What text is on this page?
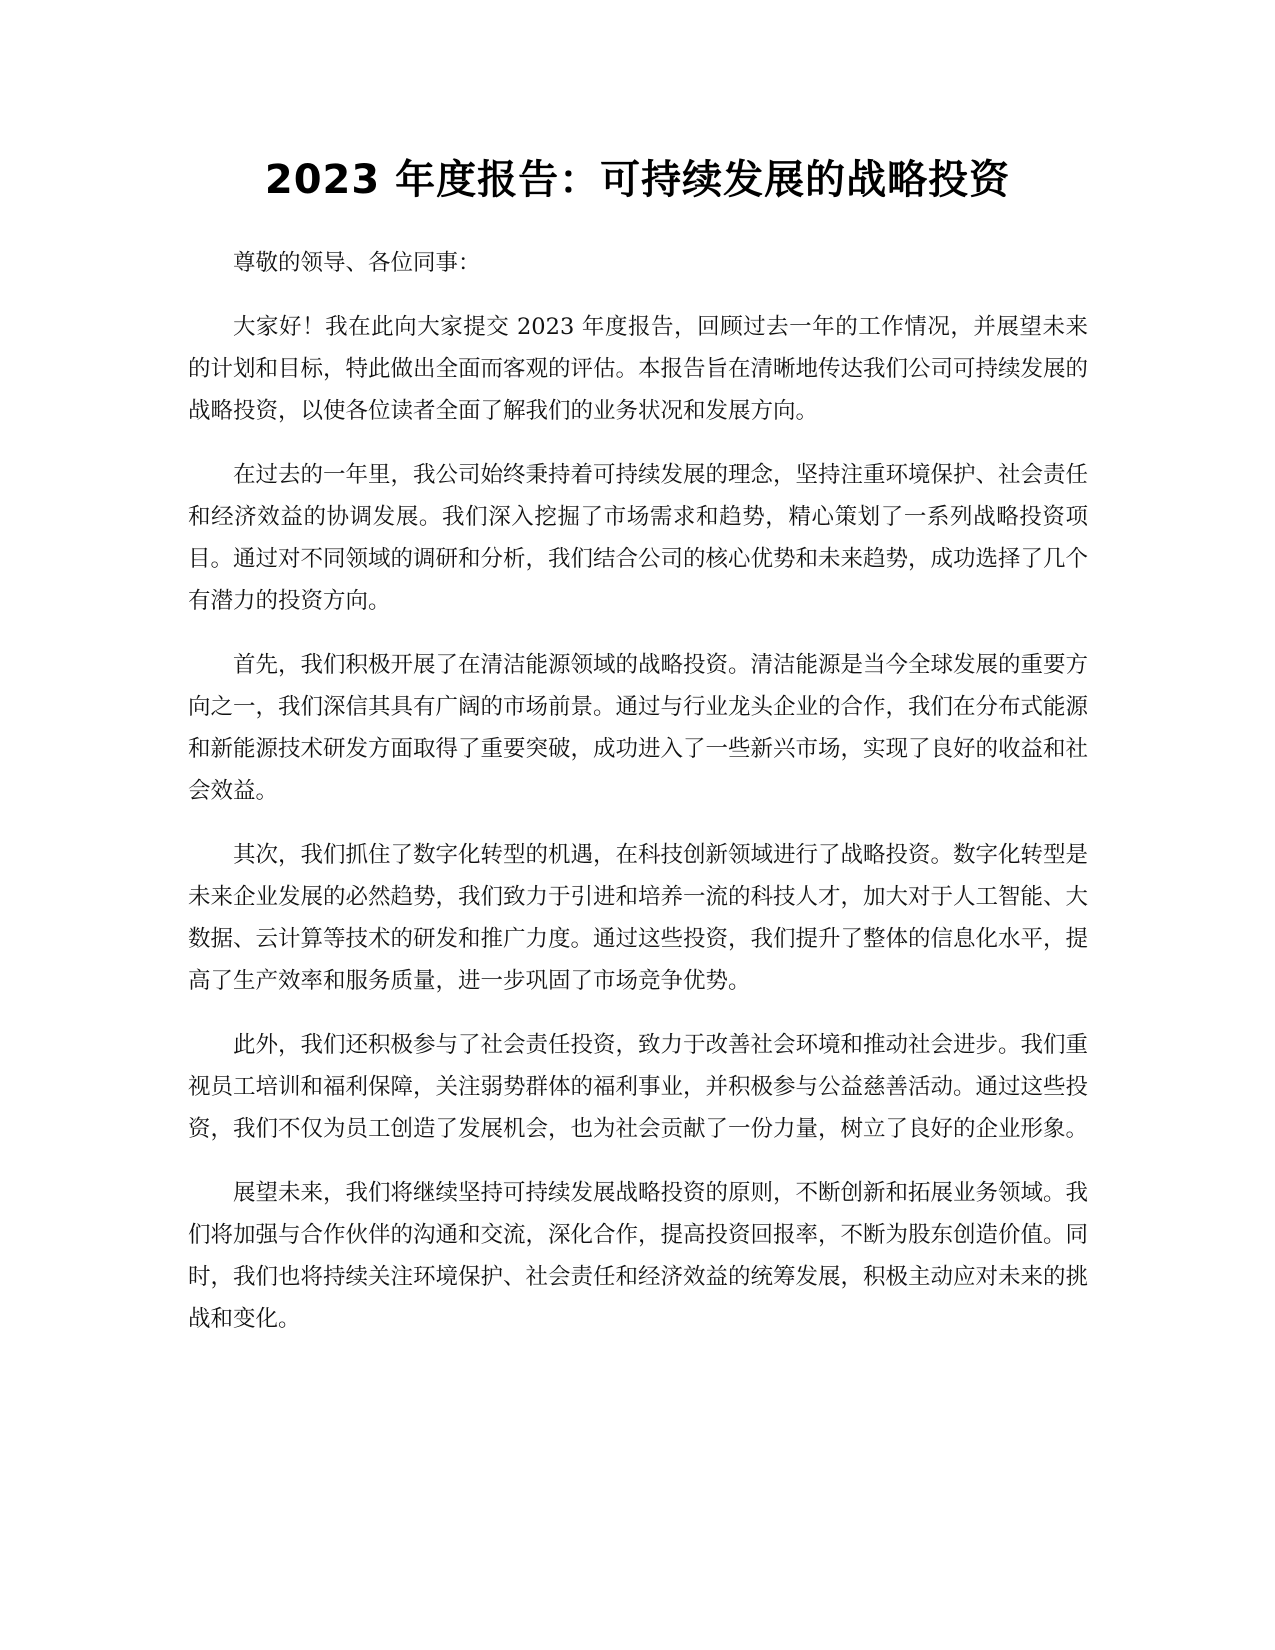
2023 年度报告：可持续发展的战略投资

尊敬的领导、各位同事：

大家好！我在此向大家提交 2023 年度报告，回顾过去一年的工作情况，并展望未来的计划和目标，特此做出全面而客观的评估。本报告旨在清晰地传达我们公司可持续发展的战略投资，以使各位读者全面了解我们的业务状况和发展方向。

在过去的一年里，我公司始终秉持着可持续发展的理念，坚持注重环境保护、社会责任和经济效益的协调发展。我们深入挖掘了市场需求和趋势，精心策划了一系列战略投资项目。通过对不同领域的调研和分析，我们结合公司的核心优势和未来趋势，成功选择了几个有潜力的投资方向。

首先，我们积极开展了在清洁能源领域的战略投资。清洁能源是当今全球发展的重要方向之一，我们深信其具有广阔的市场前景。通过与行业龙头企业的合作，我们在分布式能源和新能源技术研发方面取得了重要突破，成功进入了一些新兴市场，实现了良好的收益和社会效益。

其次，我们抓住了数字化转型的机遇，在科技创新领域进行了战略投资。数字化转型是未来企业发展的必然趋势，我们致力于引进和培养一流的科技人才，加大对于人工智能、大数据、云计算等技术的研发和推广力度。通过这些投资，我们提升了整体的信息化水平，提高了生产效率和服务质量，进一步巩固了市场竞争优势。

此外，我们还积极参与了社会责任投资，致力于改善社会环境和推动社会进步。我们重视员工培训和福利保障，关注弱势群体的福利事业，并积极参与公益慈善活动。通过这些投资，我们不仅为员工创造了发展机会，也为社会贡献了一份力量，树立了良好的企业形象。

展望未来，我们将继续坚持可持续发展战略投资的原则，不断创新和拓展业务领域。我们将加强与合作伙伴的沟通和交流，深化合作，提高投资回报率，不断为股东创造价值。同时，我们也将持续关注环境保护、社会责任和经济效益的统筹发展，积极主动应对未来的挑战和变化。
